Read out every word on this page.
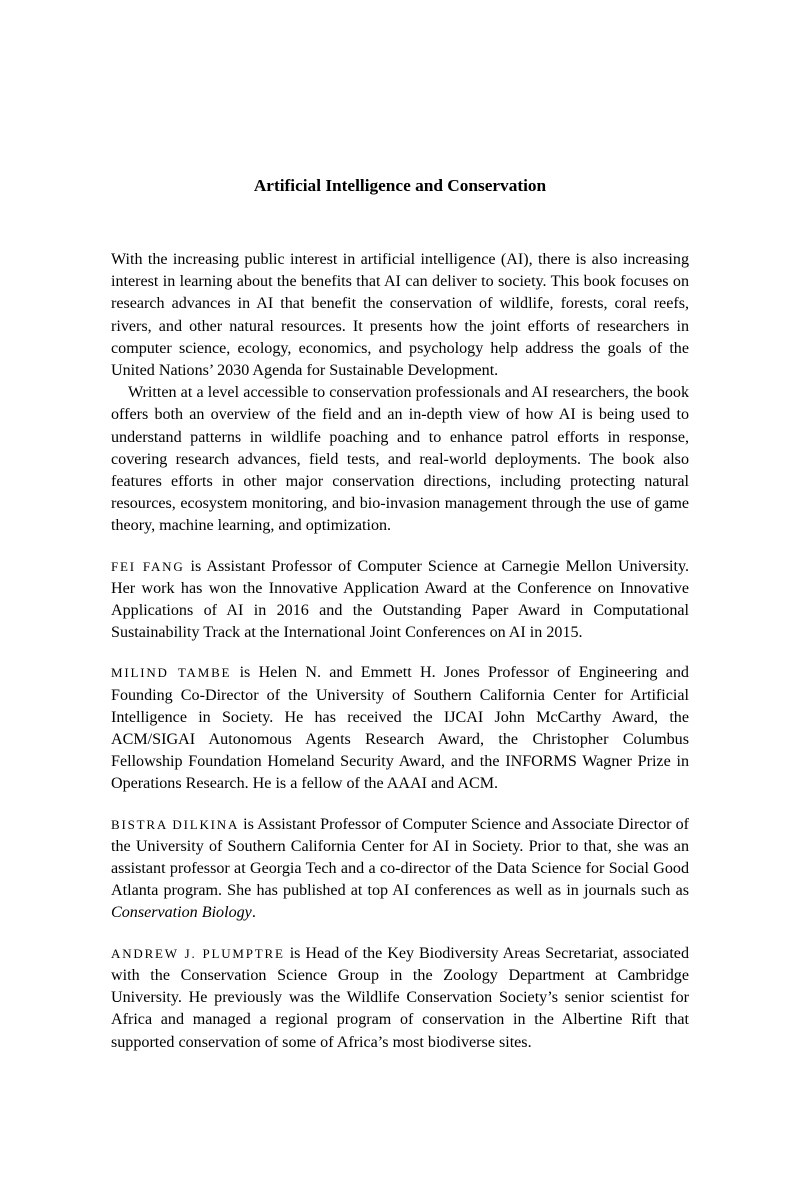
Artificial Intelligence and Conservation

With the increasing public interest in artificial intelligence (AI), there is also increasing interest in learning about the benefits that AI can deliver to society. This book focuses on research advances in AI that benefit the conservation of wildlife, forests, coral reefs, rivers, and other natural resources. It presents how the joint efforts of researchers in computer science, ecology, economics, and psychology help address the goals of the United Nations’ 2030 Agenda for Sustainable Development.

Written at a level accessible to conservation professionals and AI researchers, the book offers both an overview of the field and an in-depth view of how AI is being used to understand patterns in wildlife poaching and to enhance patrol efforts in response, covering research advances, field tests, and real-world deployments. The book also features efforts in other major conservation directions, including protecting natural resources, ecosystem monitoring, and bio-invasion management through the use of game theory, machine learning, and optimization.

FEI FANG is Assistant Professor of Computer Science at Carnegie Mellon University. Her work has won the Innovative Application Award at the Conference on Innovative Applications of AI in 2016 and the Outstanding Paper Award in Computational Sustainability Track at the International Joint Conferences on AI in 2015.

MILIND TAMBE is Helen N. and Emmett H. Jones Professor of Engineering and Founding Co-Director of the University of Southern California Center for Artificial Intelligence in Society. He has received the IJCAI John McCarthy Award, the ACM/SIGAI Autonomous Agents Research Award, the Christopher Columbus Fellowship Foundation Homeland Security Award, and the INFORMS Wagner Prize in Operations Research. He is a fellow of the AAAI and ACM.

BISTRA DILKINA is Assistant Professor of Computer Science and Associate Director of the University of Southern California Center for AI in Society. Prior to that, she was an assistant professor at Georgia Tech and a co-director of the Data Science for Social Good Atlanta program. She has published at top AI conferences as well as in journals such as Conservation Biology.

ANDREW J. PLUMPTRE is Head of the Key Biodiversity Areas Secretariat, associated with the Conservation Science Group in the Zoology Department at Cambridge University. He previously was the Wildlife Conservation Society’s senior scientist for Africa and managed a regional program of conservation in the Albertine Rift that supported conservation of some of Africa’s most biodiverse sites.
